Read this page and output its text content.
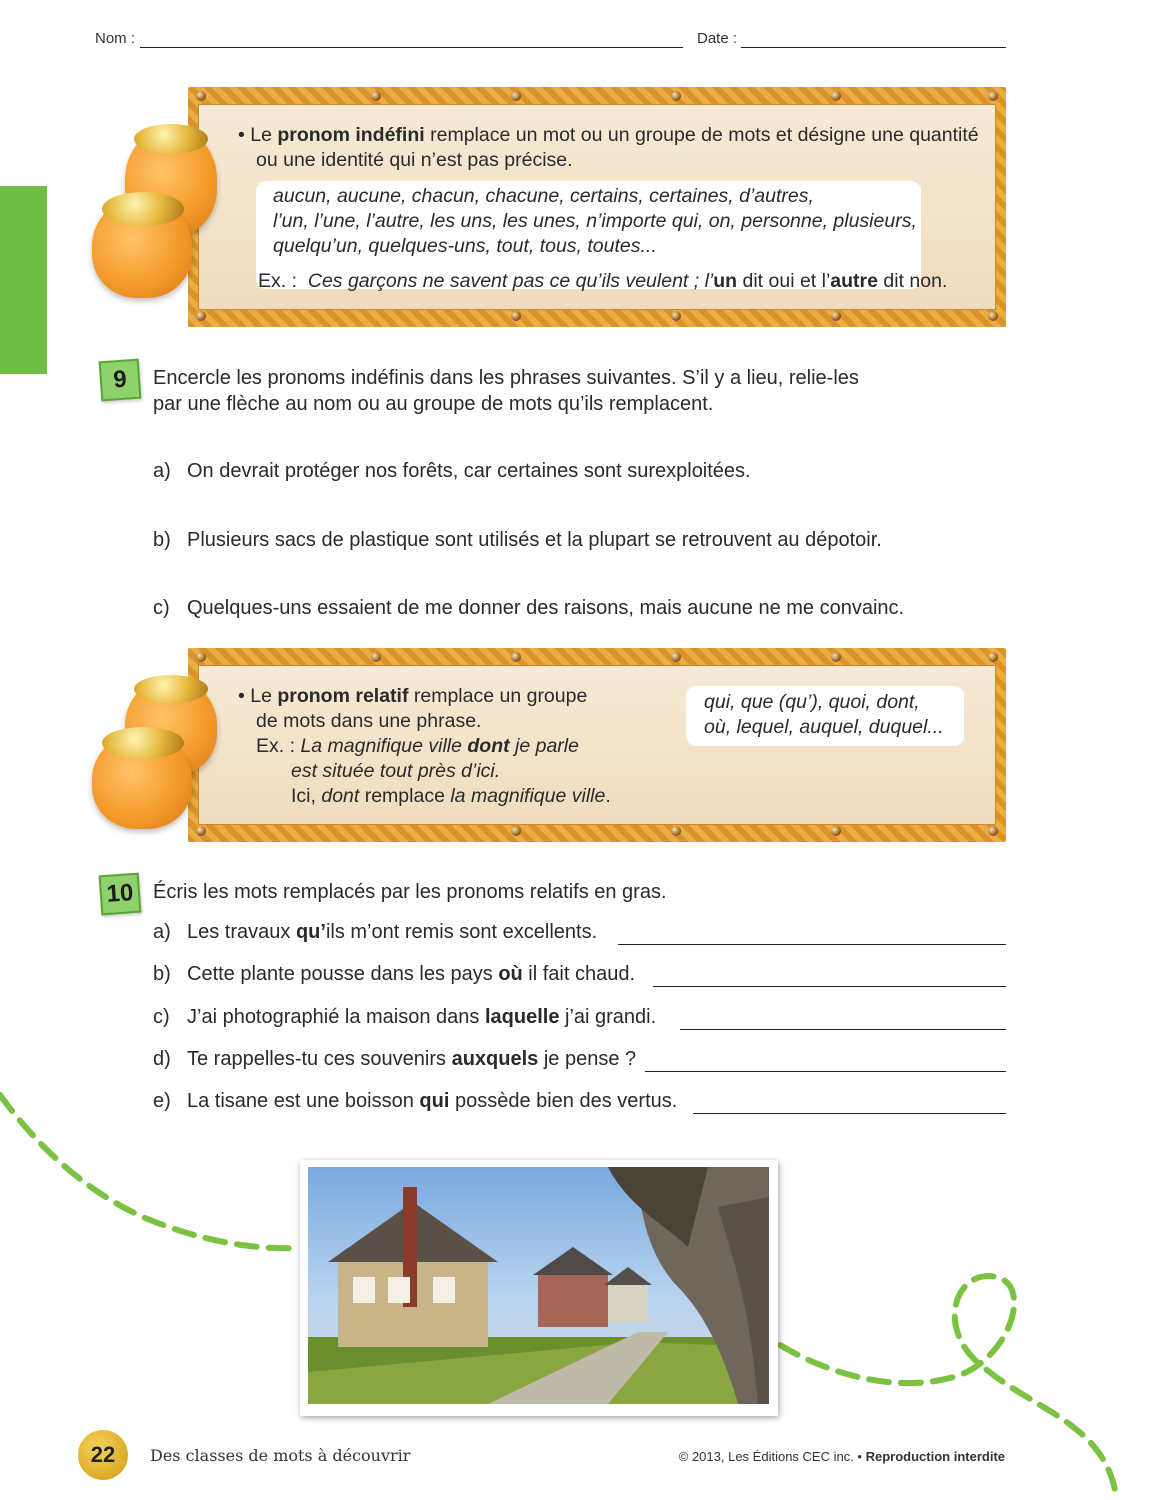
Nom :	Date :
• Le pronom indéfini remplace un mot ou un groupe de mots et désigne une quantité
ou une identité qui n’est pas précise.
aucun, aucune, chacun, chacune, certains, certaines, d’autres,
l’un, l’une, l’autre, les uns, les unes, n’importe qui, on, personne, plusieurs,
quelqu’un, quelques-uns, tout, tous, toutes...
Ex. : Ces garçons ne savent pas ce qu’ils veulent ; l’un dit oui et l’autre dit non.
9	Encercle les pronoms indéfinis dans les phrases suivantes. S’il y a lieu, relie-les
par une flèche au nom ou au groupe de mots qu’ils remplacent.
a) On devrait protéger nos forêts, car certaines sont surexploitées.
b) Plusieurs sacs de plastique sont utilisés et la plupart se retrouvent au dépotoir.
c) Quelques-uns essaient de me donner des raisons, mais aucune ne me convainc.
• Le pronom relatif remplace un groupe
de mots dans une phrase.
Ex. : La magnifique ville dont je parle
est située tout près d’ici.
Ici, dont remplace la magnifique ville.
qui, que (qu’), quoi, dont,
où, lequel, auquel, duquel...
10 Écris les mots remplacés par les pronoms relatifs en gras.
a) Les travaux qu’ils m’ont remis sont excellents.
b) Cette plante pousse dans les pays où il fait chaud.
c) J’ai photographié la maison dans laquelle j’ai grandi.
d) Te rappelles-tu ces souvenirs auxquels je pense ?
e) La tisane est une boisson qui possède bien des vertus.
22	Des classes de mots à découvrir	© 2013, Les Éditions CEC inc. • Reproduction interdite
